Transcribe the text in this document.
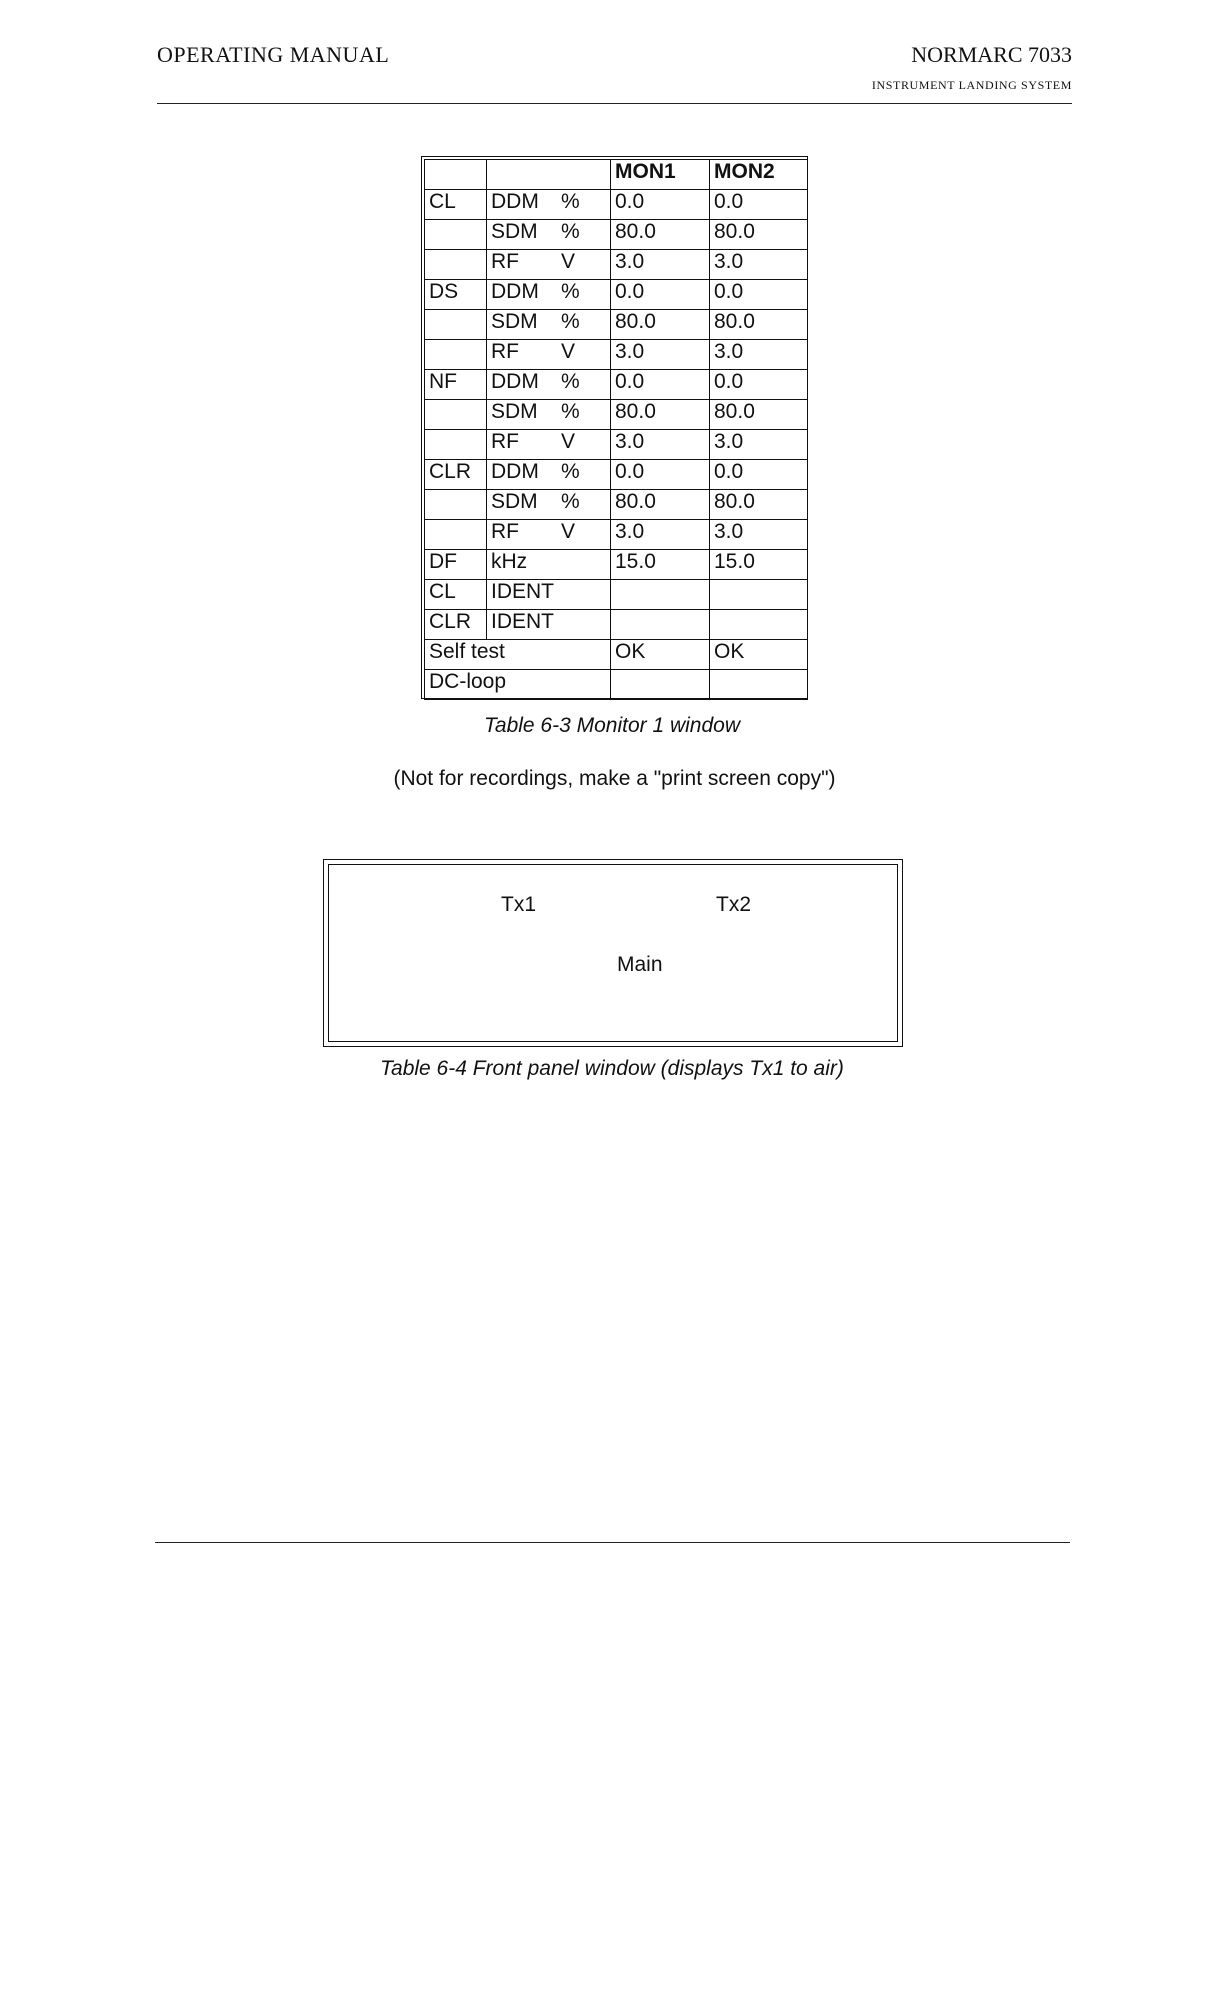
OPERATING MANUAL	NORMARC 7033
INSTRUMENT LANDING SYSTEM
		MON1	MON2
CL	DDM %	0.0	0.0
	SDM %	80.0	80.0
	RF V	3.0	3.0
DS	DDM %	0.0	0.0
	SDM %	80.0	80.0
	RF V	3.0	3.0
NF	DDM %	0.0	0.0
	SDM %	80.0	80.0
	RF V	3.0	3.0
CLR	DDM %	0.0	0.0
	SDM %	80.0	80.0
	RF V	3.0	3.0
DF	kHz	15.0	15.0
CL	IDENT		
CLR	IDENT		
Self test		OK	OK
DC-loop			
Table 6-3 Monitor 1 window
(Not for recordings, make a "print screen copy")
Tx1	Tx2
Main
Table 6-4 Front panel window (displays Tx1 to air)
